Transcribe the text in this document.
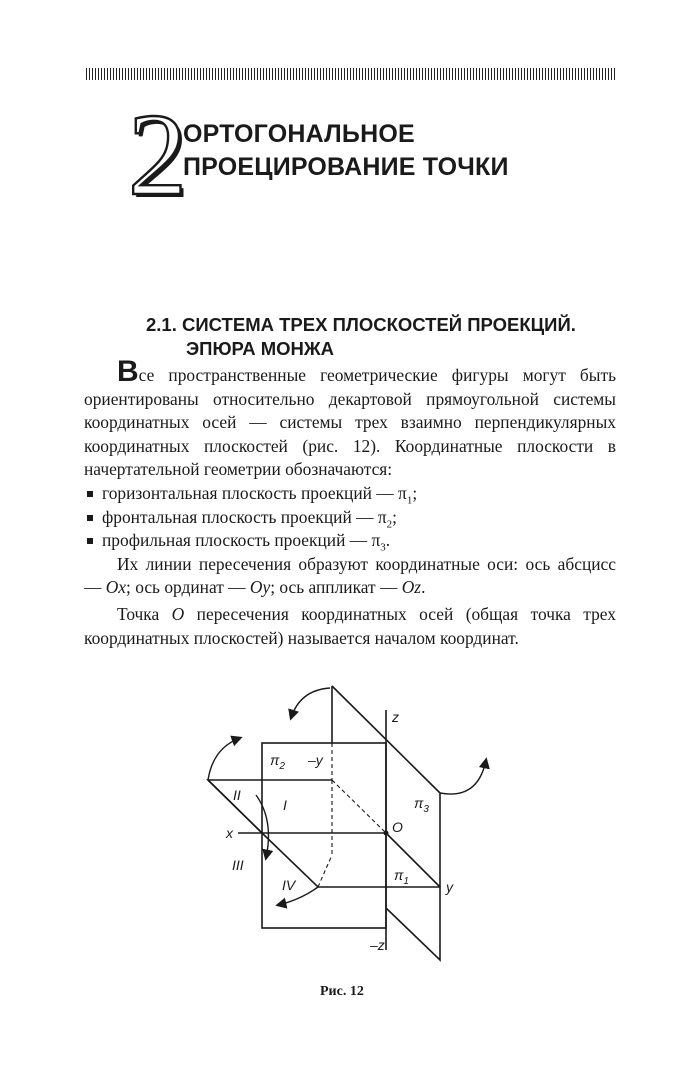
2
ОРТОГОНАЛЬНОЕ
ПРОЕЦИРОВАНИЕ ТОЧКИ
2.1. СИСТЕМА ТРЕХ ПЛОСКОСТЕЙ ПРОЕКЦИЙ.
ЭПЮРА МОНЖА
Все пространственные геометрические фигуры могут быть ориентированы относительно декартовой прямоугольной системы координатных осей — системы трех взаимно перпендикулярных координатных плоскостей (рис. 12). Координатные плоскости в начертательной геометрии обозначаются:
горизонтальная плоскость проекций — $\pi_1$;
фронтальная плоскость проекций — $\pi_2$;
профильная плоскость проекций — $\pi_3$.
Их линии пересечения образуют координатные оси: ось абсцисс — Ox; ось ординат — Oy; ось аппликат — Oz.
Точка O пересечения координатных осей (общая точка трех координатных плоскостей) называется началом координат.
z
–z
–y
y
x	O
$\pi_2$
$\pi_3$
$\pi_1$
I
II
III
IV
Рис. 12
